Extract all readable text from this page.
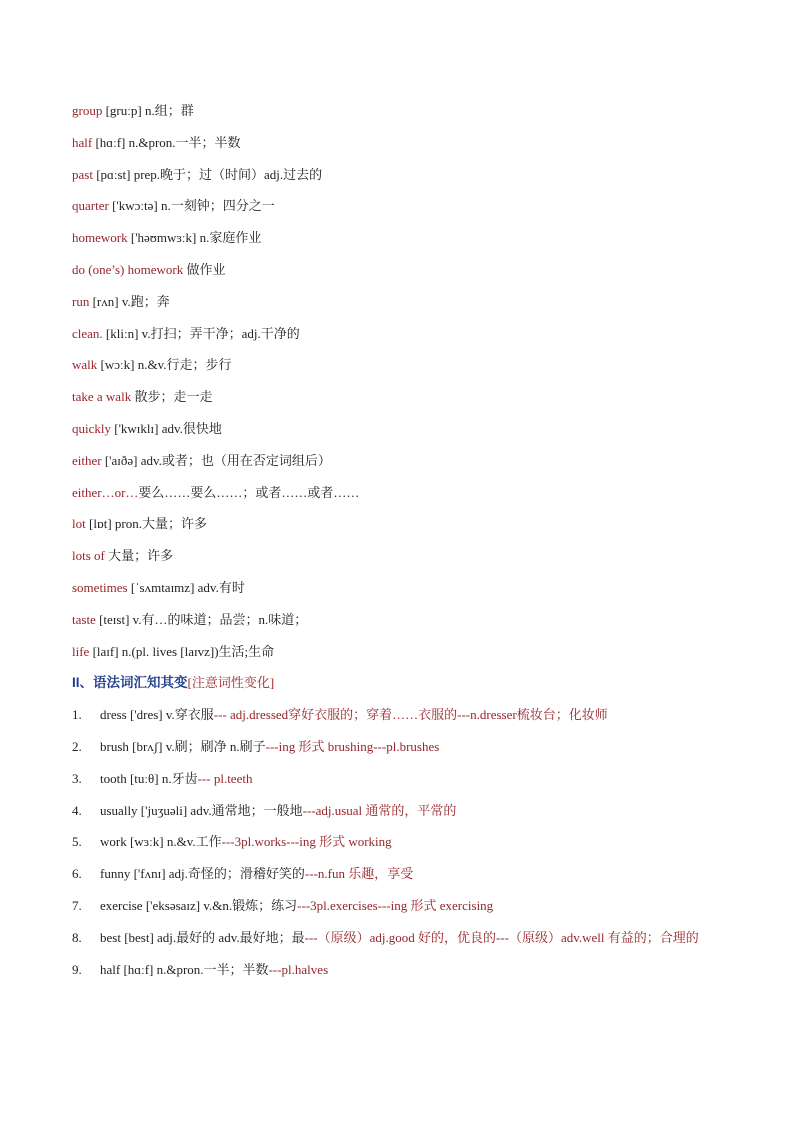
group [gruːp] n.组；群
half [hɑːf] n.&pron.一半；半数
past [pɑːst] prep.晚于；过（时间）adj.过去的
quarter ['kwɔːtə] n.一刻钟；四分之一
homework ['həʊmwɜːk] n.家庭作业
do (one’s) homework 做作业
run [rʌn] v.跑；奔
clean. [kliːn] v.打扫；弄干净；adj.干净的
walk [wɔːk] n.&v.行走；步行
take a walk 散步；走一走
quickly ['kwɪklɪ] adv.很快地
either ['aɪðə] adv.或者；也（用在否定词组后）
either…or…要么……要么……；或者……或者……
lot [lɒt] pron.大量；许多
lots of 大量；许多
sometimes [ˈsʌmtaɪmz] adv.有时
taste [teɪst] v.有…的味道；品尝；n.味道；
life [laɪf] n.(pl. lives [laɪvz])生活;生命
II、语法词汇知其变[注意词性变化]
1.	dress ['dres] v.穿衣服--- adj.dressed穿好衣服的；穿着……衣服的---n.dresser梳妆台；化妆师
2.	brush [brʌʃ] v.刷；刷净 n.刷子---ing 形式 brushing---pl.brushes
3.	tooth [tuːθ] n.牙齿--- pl.teeth
4.	usually ['juʒuəli] adv.通常地；一般地---adj.usual 通常的，平常的
5.	work [wɜːk] n.&v.工作---3pl.works---ing 形式 working
6.	funny ['fʌnɪ] adj.奇怪的；滑稽好笑的---n.fun 乐趣，享受
7.	exercise ['eksəsaɪz] v.&n.锻炼；练习---3pl.exercises---ing 形式 exercising
8.	best [best] adj.最好的 adv.最好地；最---（原级）adj.good 好的，优良的---（原级）adv.well 有益的；合理的
9.	half [hɑːf] n.&pron.一半；半数---pl.halves
